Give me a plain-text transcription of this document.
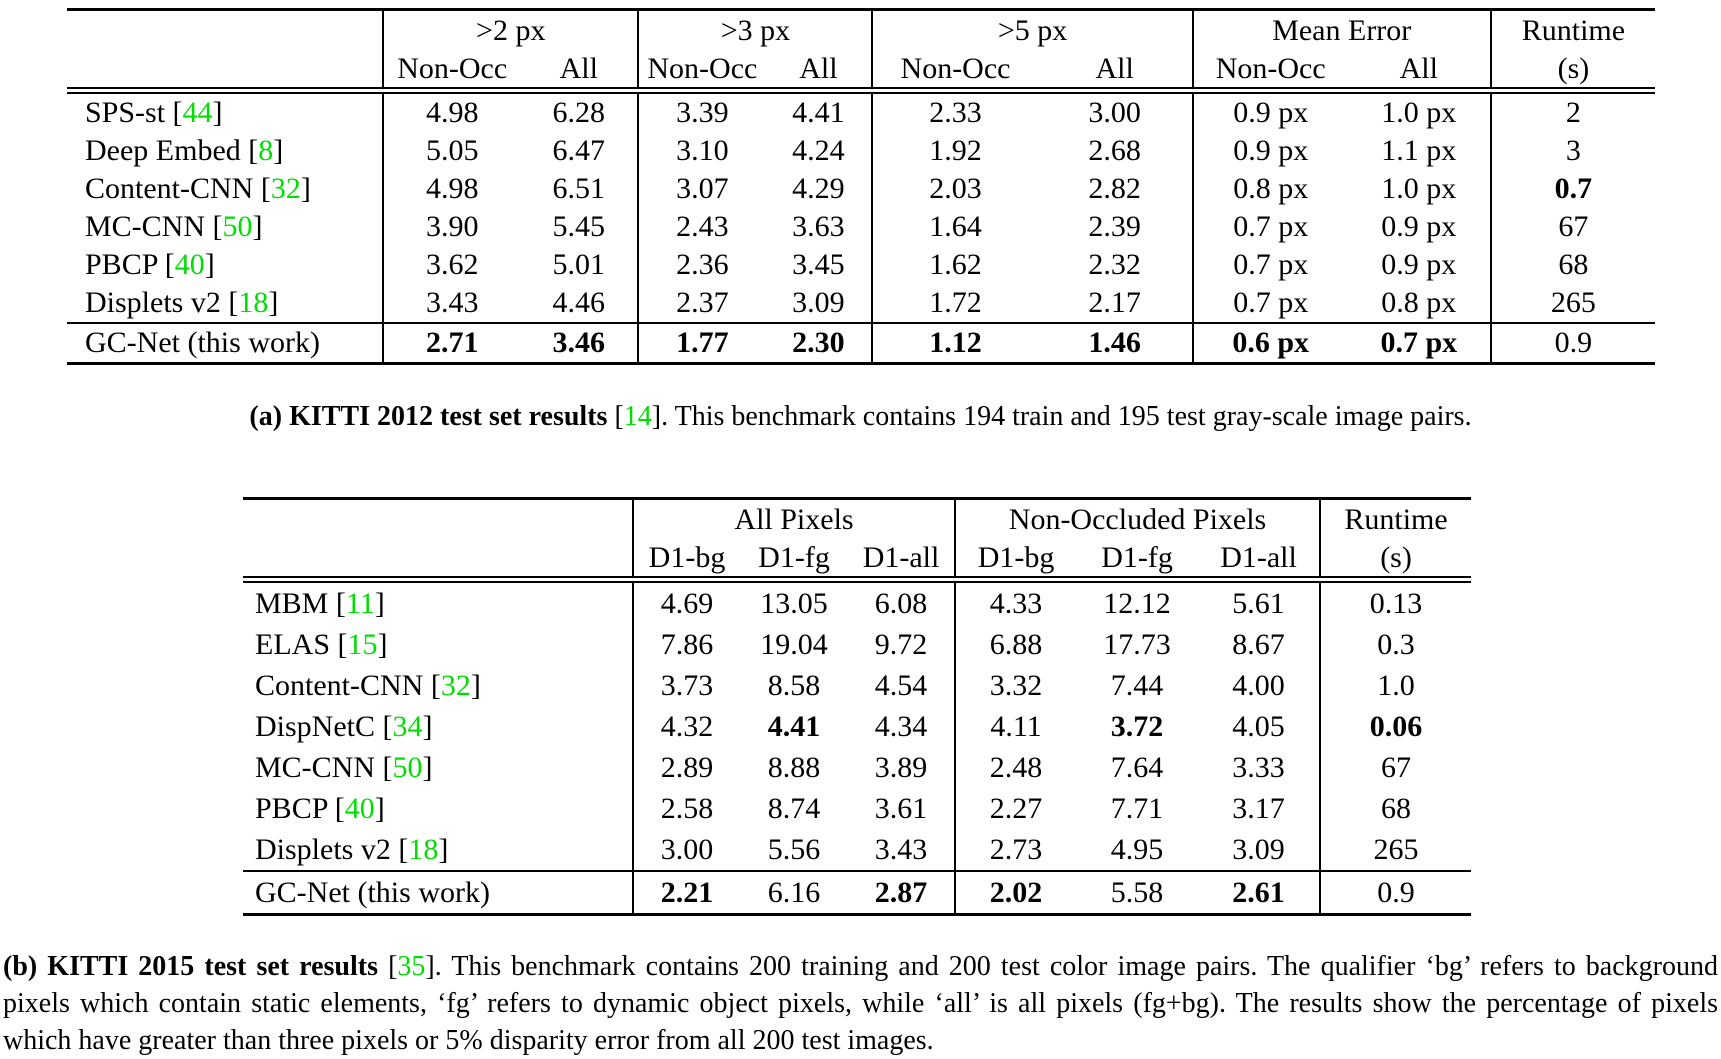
	>2 px		>3 px		>5 px		Mean Error		Runtime
	Non-Occ	All	Non-Occ	All	Non-Occ	All	Non-Occ	All	(s)
SPS-st [44]	4.98	6.28	3.39	4.41	2.33	3.00	0.9 px	1.0 px	2
Deep Embed [8]	5.05	6.47	3.10	4.24	1.92	2.68	0.9 px	1.1 px	3
Content-CNN [32]	4.98	6.51	3.07	4.29	2.03	2.82	0.8 px	1.0 px	0.7
MC-CNN [50]	3.90	5.45	2.43	3.63	1.64	2.39	0.7 px	0.9 px	67
PBCP [40]	3.62	5.01	2.36	3.45	1.62	2.32	0.7 px	0.9 px	68
Displets v2 [18]	3.43	4.46	2.37	3.09	1.72	2.17	0.7 px	0.8 px	265
GC-Net (this work)	2.71	3.46	1.77	2.30	1.12	1.46	0.6 px	0.7 px	0.9
(a) KITTI 2012 test set results [14]. This benchmark contains 194 train and 195 test gray-scale image pairs.
	All Pixels			Non-Occluded Pixels			Runtime
	D1-bg	D1-fg	D1-all	D1-bg	D1-fg	D1-all	(s)
MBM [11]	4.69	13.05	6.08	4.33	12.12	5.61	0.13
ELAS [15]	7.86	19.04	9.72	6.88	17.73	8.67	0.3
Content-CNN [32]	3.73	8.58	4.54	3.32	7.44	4.00	1.0
DispNetC [34]	4.32	4.41	4.34	4.11	3.72	4.05	0.06
MC-CNN [50]	2.89	8.88	3.89	2.48	7.64	3.33	67
PBCP [40]	2.58	8.74	3.61	2.27	7.71	3.17	68
Displets v2 [18]	3.00	5.56	3.43	2.73	4.95	3.09	265
GC-Net (this work)	2.21	6.16	2.87	2.02	5.58	2.61	0.9
(b) KITTI 2015 test set results [35]. This benchmark contains 200 training and 200 test color image pairs. The qualifier ‘bg’ refers to background pixels which contain static elements, ‘fg’ refers to dynamic object pixels, while ‘all’ is all pixels (fg+bg). The results show the percentage of pixels which have greater than three pixels or 5% disparity error from all 200 test images.
